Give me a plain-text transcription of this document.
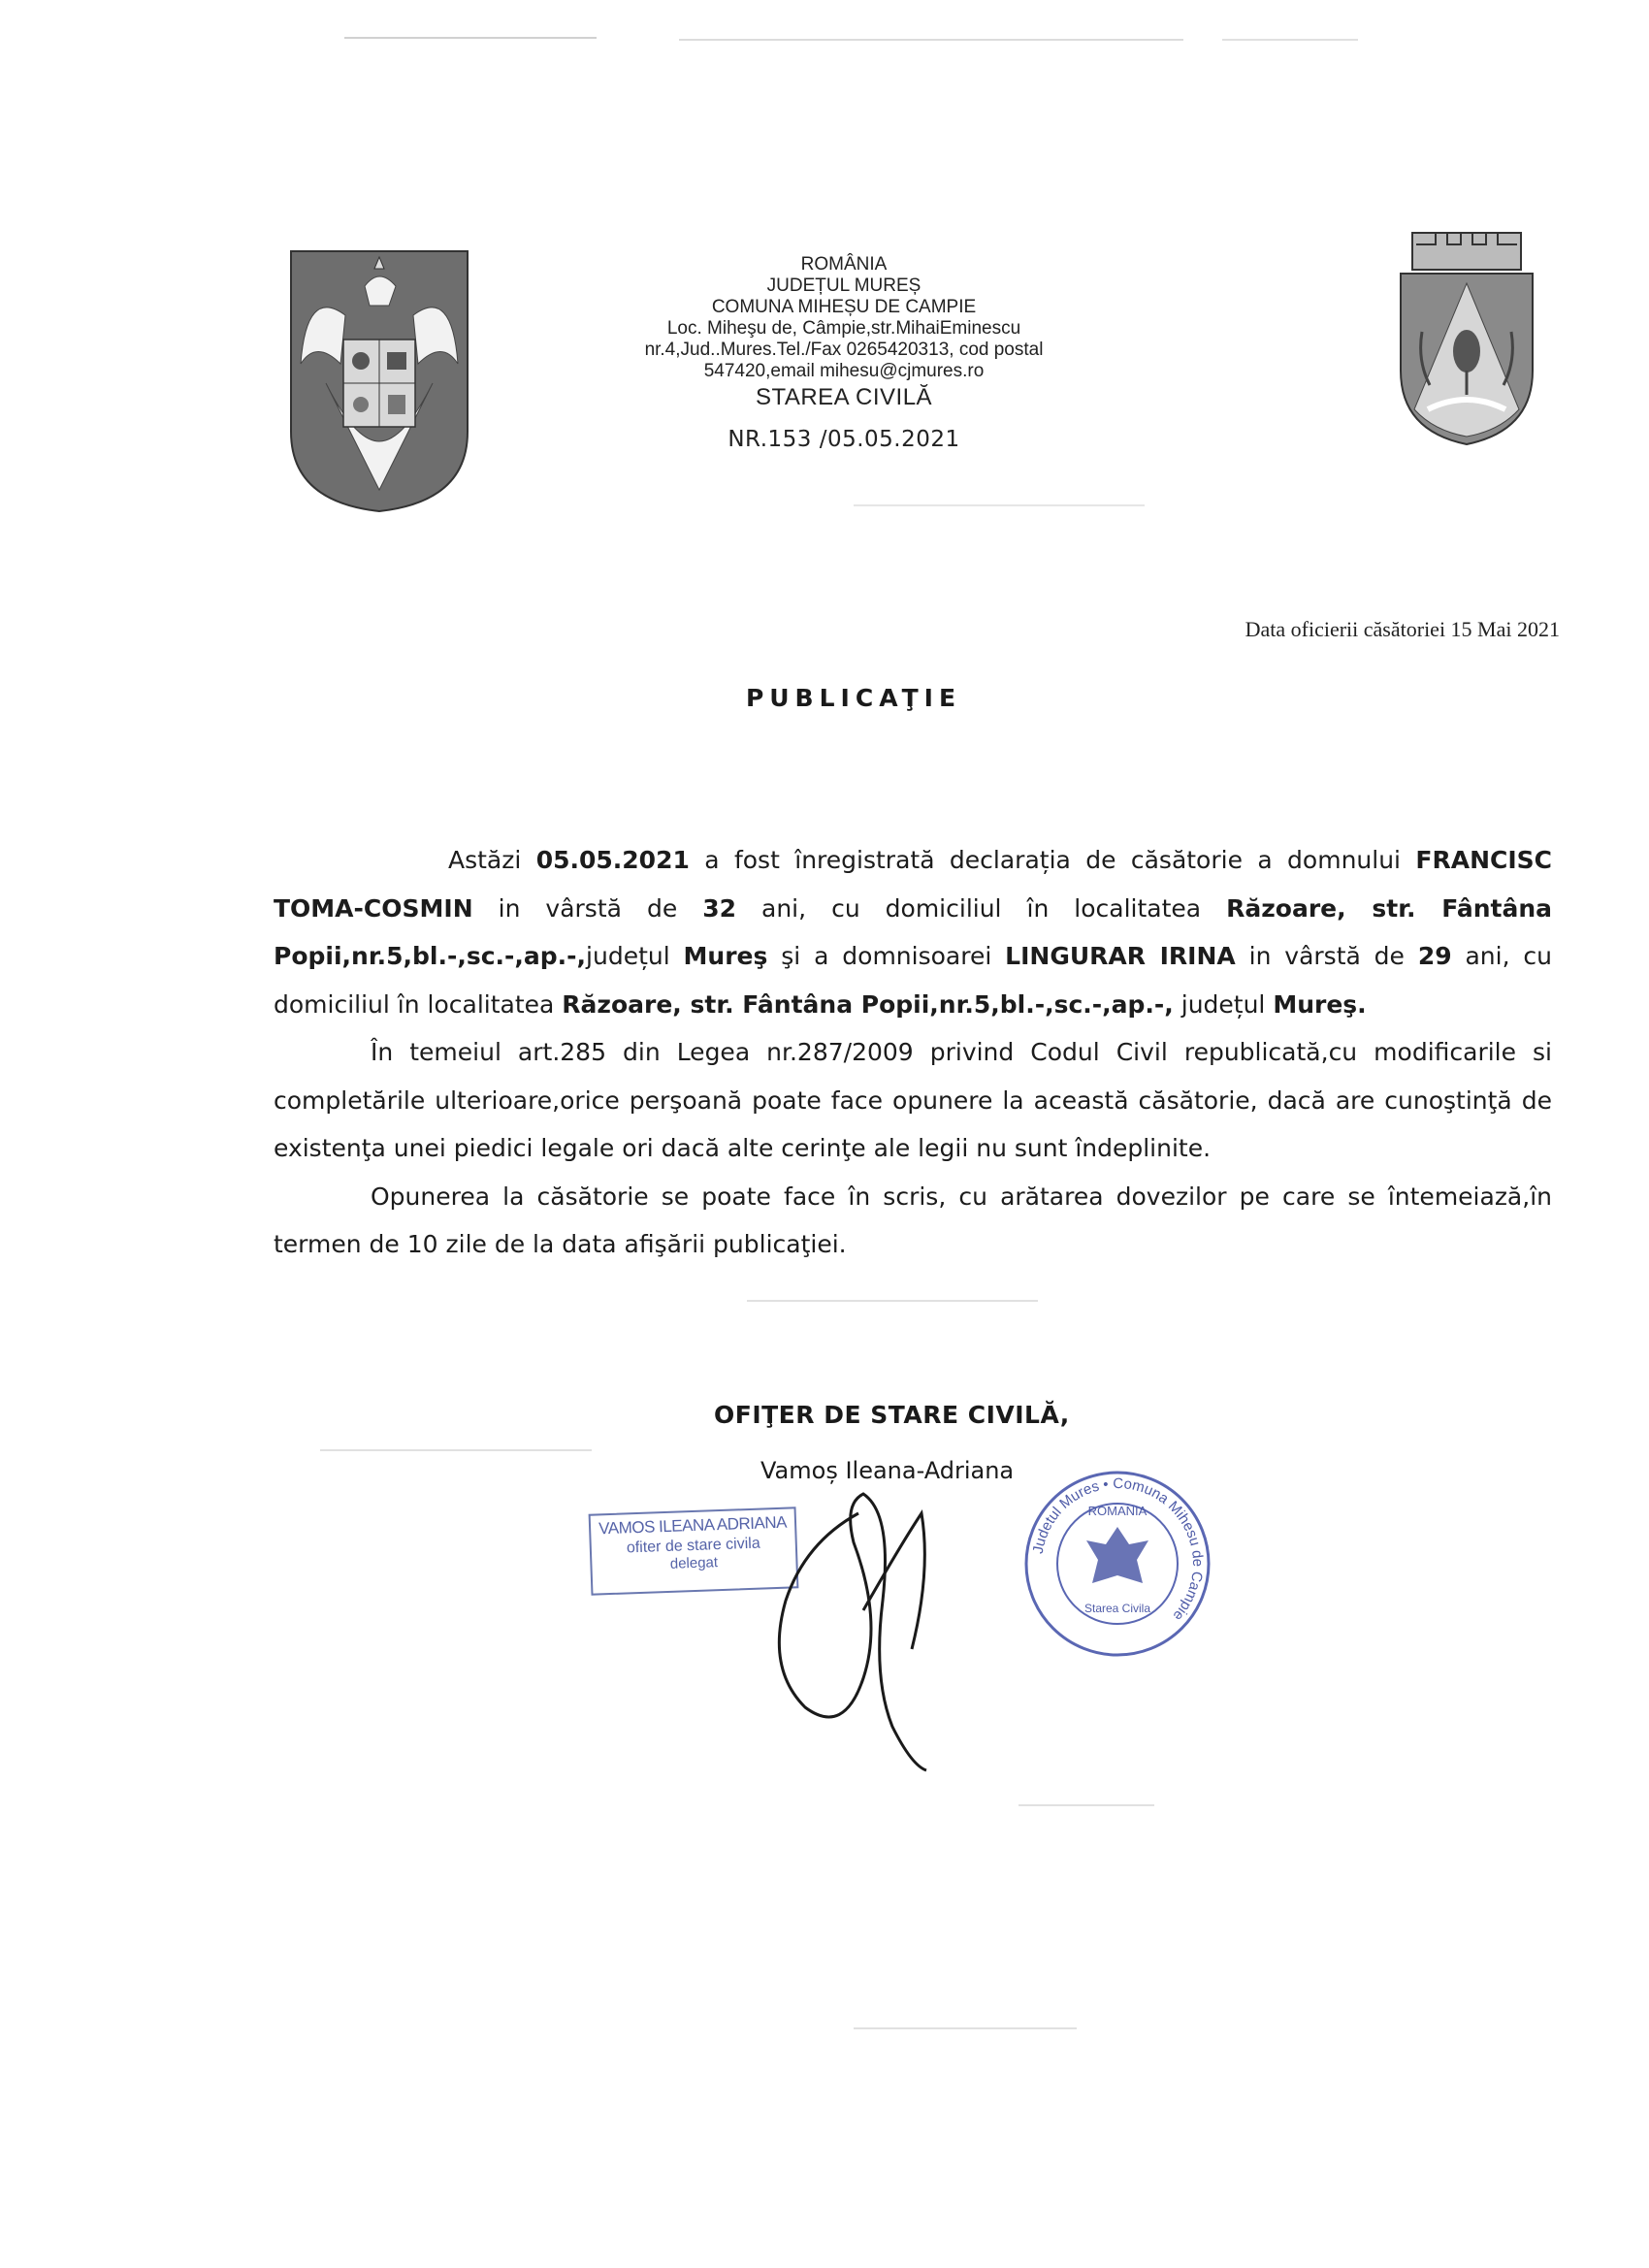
ROMÂNIA
JUDEȚUL MUREȘ
COMUNA MIHEȘU DE CAMPIE
Loc. Miheşu de, Câmpie,str.MihaiEminescu
nr.4,Jud..Mures.Tel./Fax 0265420313, cod postal
547420,email mihesu@cjmures.ro
STAREA CIVILĂ
NR.153 /05.05.2021
Data oficierii căsătoriei 15 Mai 2021
PUBLICAŢIE

Astăzi 05.05.2021 a fost înregistrată declarația de căsătorie a domnului FRANCISC TOMA-COSMIN in vârstă de 32 ani, cu domiciliul în localitatea Răzoare, str. Fântâna Popii,nr.5,bl.-,sc.-,ap.-,județul Mureş şi a domnisoarei LINGURAR IRINA in vârstă de 29 ani, cu domiciliul în localitatea Răzoare, str. Fântâna Popii,nr.5,bl.-,sc.-,ap.-, județul Mureş.

În temeiul art.285 din Legea nr.287/2009 privind Codul Civil republicată,cu modificarile si completările ulterioare,orice perşoană poate face opunere la această căsătorie, dacă are cunoştinţă de existenţa unei piedici legale ori dacă alte cerinţe ale legii nu sunt îndeplinite.

Opunerea la căsătorie se poate face în scris, cu arătarea dovezilor pe care se întemeiază,în termen de 10 zile de la data afişării publicaţiei.

OFIŢER DE STARE CIVILĂ,
Vamoș Ileana-Adriana
VAMOS ILEANA ADRIANA
ofiter de stare civila
delegat
Judetul Mures • Comuna Mihesu de Campie
ROMANIA
Starea Civila
